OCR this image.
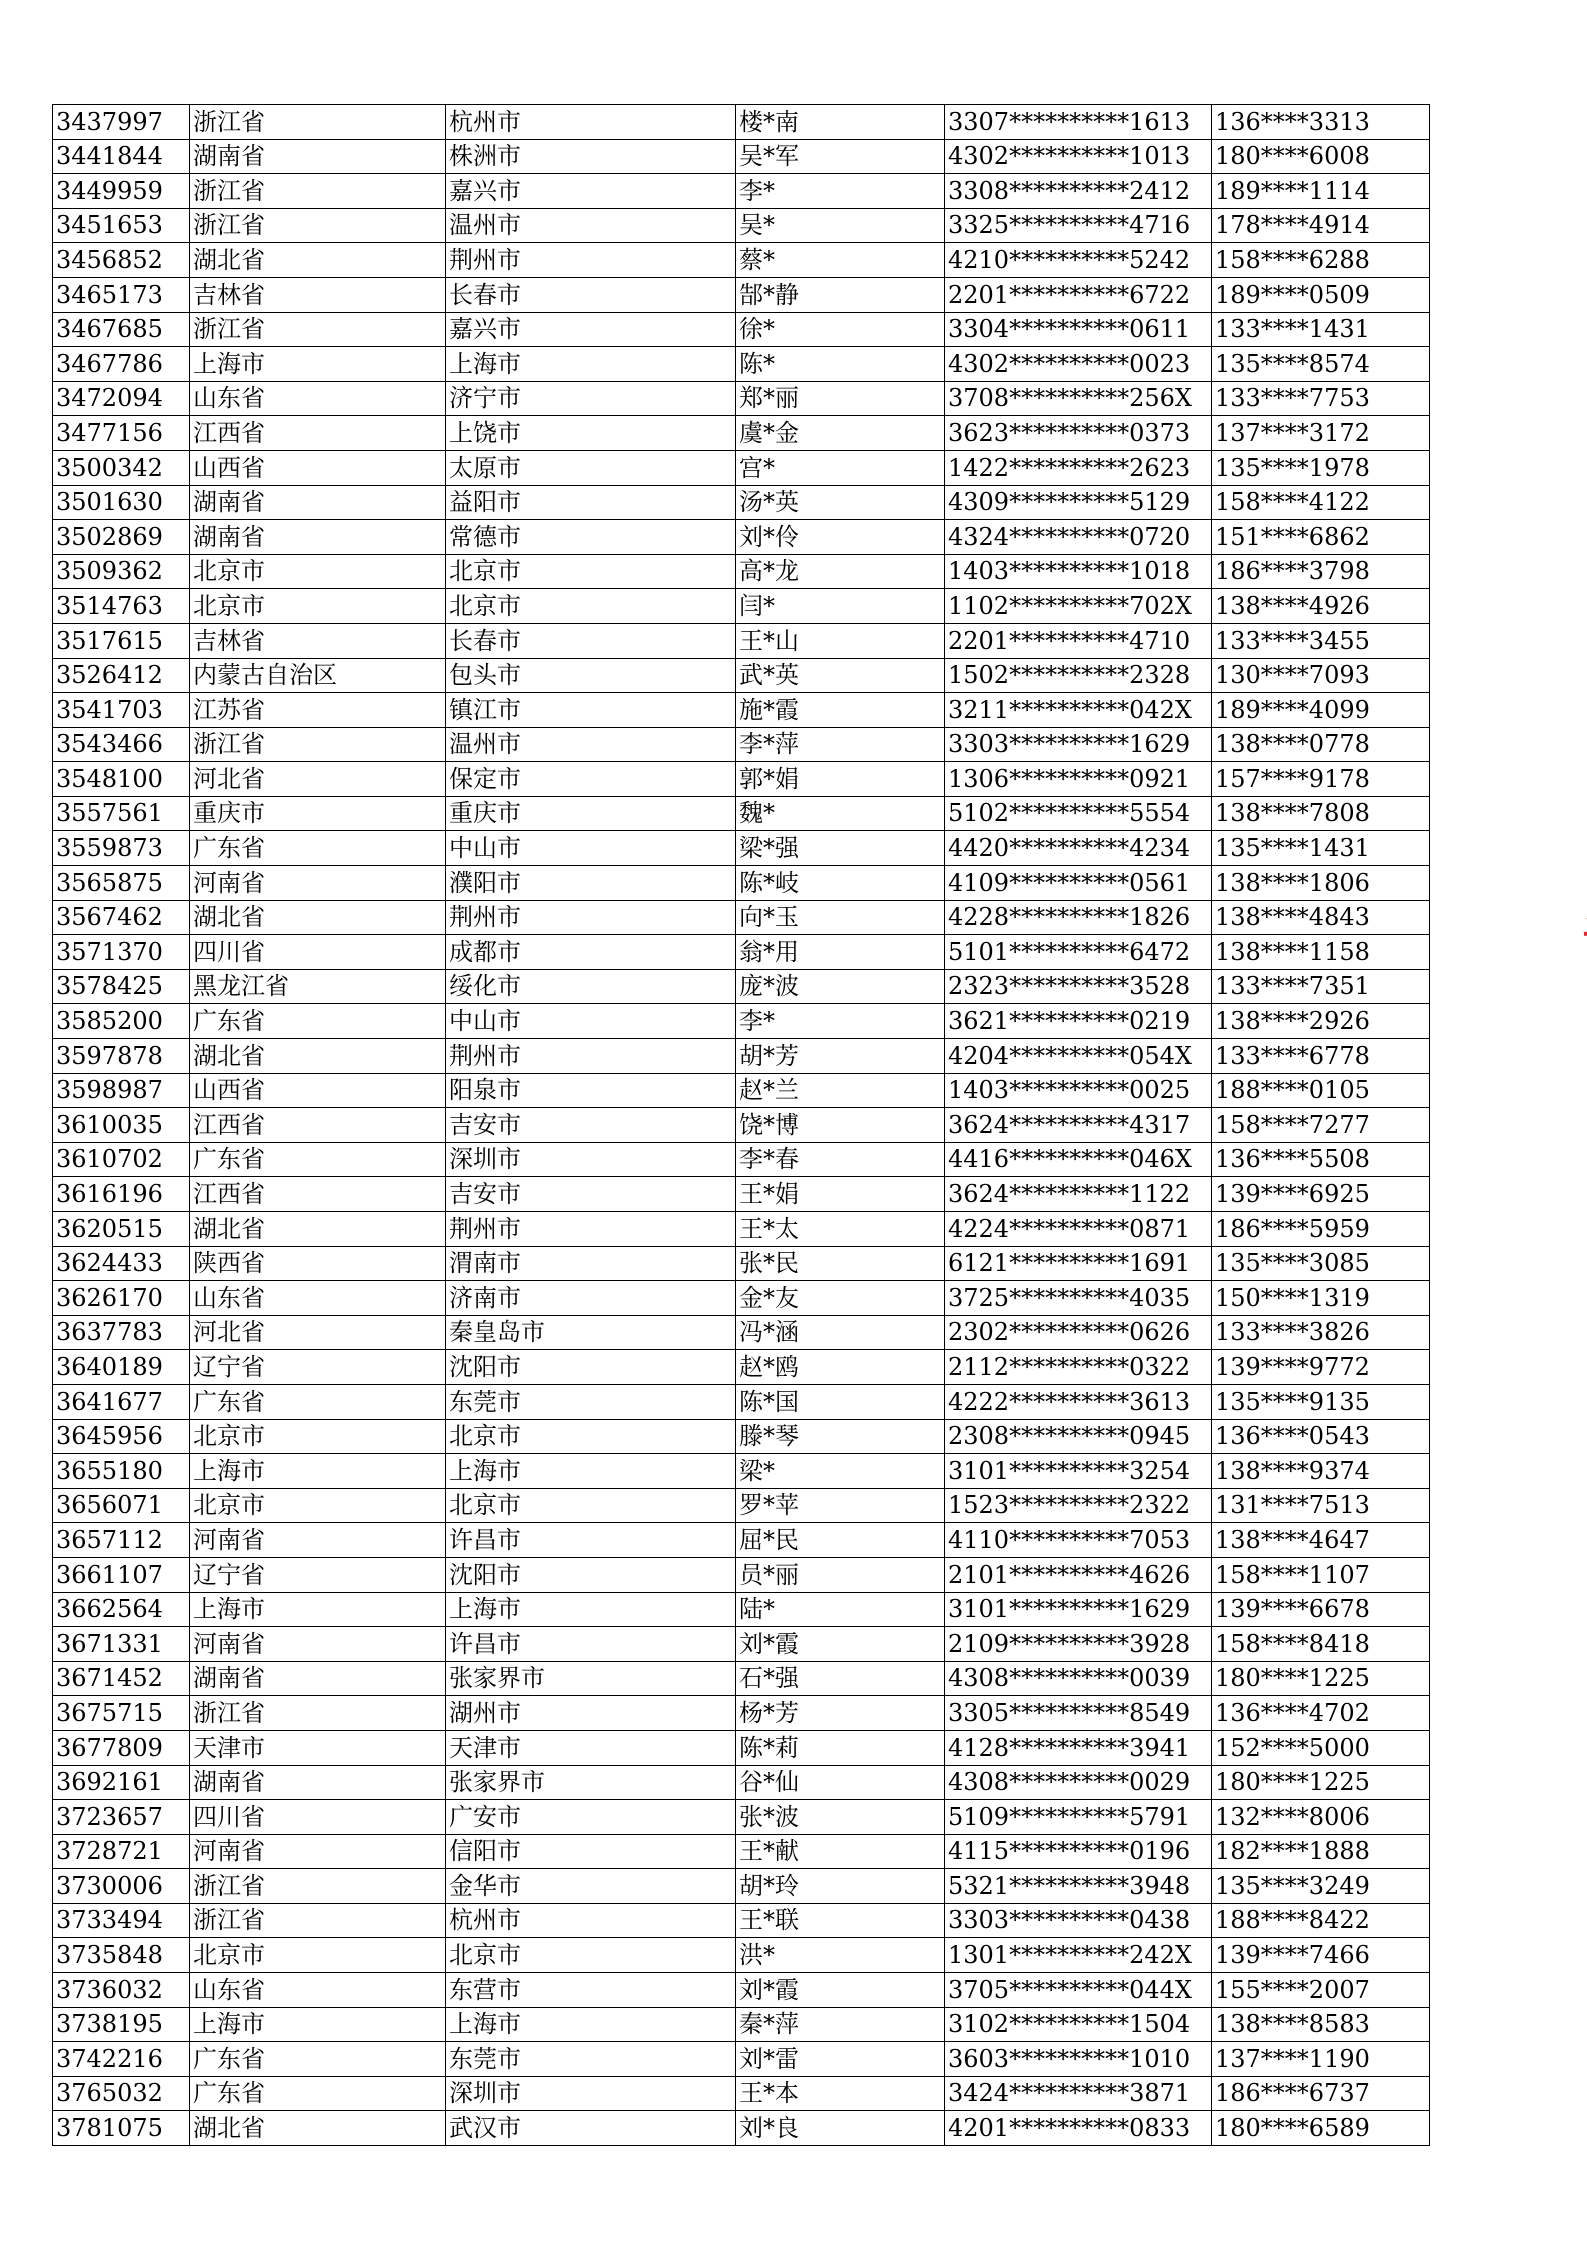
3437997	浙江省	杭州市	楼*南	3307**********1613	136****3313
3441844	湖南省	株洲市	吴*军	4302**********1013	180****6008
3449959	浙江省	嘉兴市	李*	3308**********2412	189****1114
3451653	浙江省	温州市	吴*	3325**********4716	178****4914
3456852	湖北省	荆州市	蔡*	4210**********5242	158****6288
3465173	吉林省	长春市	郜*静	2201**********6722	189****0509
3467685	浙江省	嘉兴市	徐*	3304**********0611	133****1431
3467786	上海市	上海市	陈*	4302**********0023	135****8574
3472094	山东省	济宁市	郑*丽	3708**********256X	133****7753
3477156	江西省	上饶市	虞*金	3623**********0373	137****3172
3500342	山西省	太原市	宫*	1422**********2623	135****1978
3501630	湖南省	益阳市	汤*英	4309**********5129	158****4122
3502869	湖南省	常德市	刘*伶	4324**********0720	151****6862
3509362	北京市	北京市	高*龙	1403**********1018	186****3798
3514763	北京市	北京市	闫*	1102**********702X	138****4926
3517615	吉林省	长春市	王*山	2201**********4710	133****3455
3526412	内蒙古自治区	包头市	武*英	1502**********2328	130****7093
3541703	江苏省	镇江市	施*霞	3211**********042X	189****4099
3543466	浙江省	温州市	李*萍	3303**********1629	138****0778
3548100	河北省	保定市	郭*娟	1306**********0921	157****9178
3557561	重庆市	重庆市	魏*	5102**********5554	138****7808
3559873	广东省	中山市	梁*强	4420**********4234	135****1431
3565875	河南省	濮阳市	陈*岐	4109**********0561	138****1806
3567462	湖北省	荆州市	向*玉	4228**********1826	138****4843
3571370	四川省	成都市	翁*用	5101**********6472	138****1158
3578425	黑龙江省	绥化市	庞*波	2323**********3528	133****7351
3585200	广东省	中山市	李*	3621**********0219	138****2926
3597878	湖北省	荆州市	胡*芳	4204**********054X	133****6778
3598987	山西省	阳泉市	赵*兰	1403**********0025	188****0105
3610035	江西省	吉安市	饶*博	3624**********4317	158****7277
3610702	广东省	深圳市	李*春	4416**********046X	136****5508
3616196	江西省	吉安市	王*娟	3624**********1122	139****6925
3620515	湖北省	荆州市	王*太	4224**********0871	186****5959
3624433	陕西省	渭南市	张*民	6121**********1691	135****3085
3626170	山东省	济南市	金*友	3725**********4035	150****1319
3637783	河北省	秦皇岛市	冯*涵	2302**********0626	133****3826
3640189	辽宁省	沈阳市	赵*鸥	2112**********0322	139****9772
3641677	广东省	东莞市	陈*国	4222**********3613	135****9135
3645956	北京市	北京市	滕*琴	2308**********0945	136****0543
3655180	上海市	上海市	梁*	3101**********3254	138****9374
3656071	北京市	北京市	罗*苹	1523**********2322	131****7513
3657112	河南省	许昌市	屈*民	4110**********7053	138****4647
3661107	辽宁省	沈阳市	员*丽	2101**********4626	158****1107
3662564	上海市	上海市	陆*	3101**********1629	139****6678
3671331	河南省	许昌市	刘*霞	2109**********3928	158****8418
3671452	湖南省	张家界市	石*强	4308**********0039	180****1225
3675715	浙江省	湖州市	杨*芳	3305**********8549	136****4702
3677809	天津市	天津市	陈*莉	4128**********3941	152****5000
3692161	湖南省	张家界市	谷*仙	4308**********0029	180****1225
3723657	四川省	广安市	张*波	5109**********5791	132****8006
3728721	河南省	信阳市	王*献	4115**********0196	182****1888
3730006	浙江省	金华市	胡*玲	5321**********3948	135****3249
3733494	浙江省	杭州市	王*联	3303**********0438	188****8422
3735848	北京市	北京市	洪*	1301**********242X	139****7466
3736032	山东省	东营市	刘*霞	3705**********044X	155****2007
3738195	上海市	上海市	秦*萍	3102**********1504	138****8583
3742216	广东省	东莞市	刘*雷	3603**********1010	137****1190
3765032	广东省	深圳市	王*本	3424**********3871	186****6737
3781075	湖北省	武汉市	刘*良	4201**********0833	180****6589
